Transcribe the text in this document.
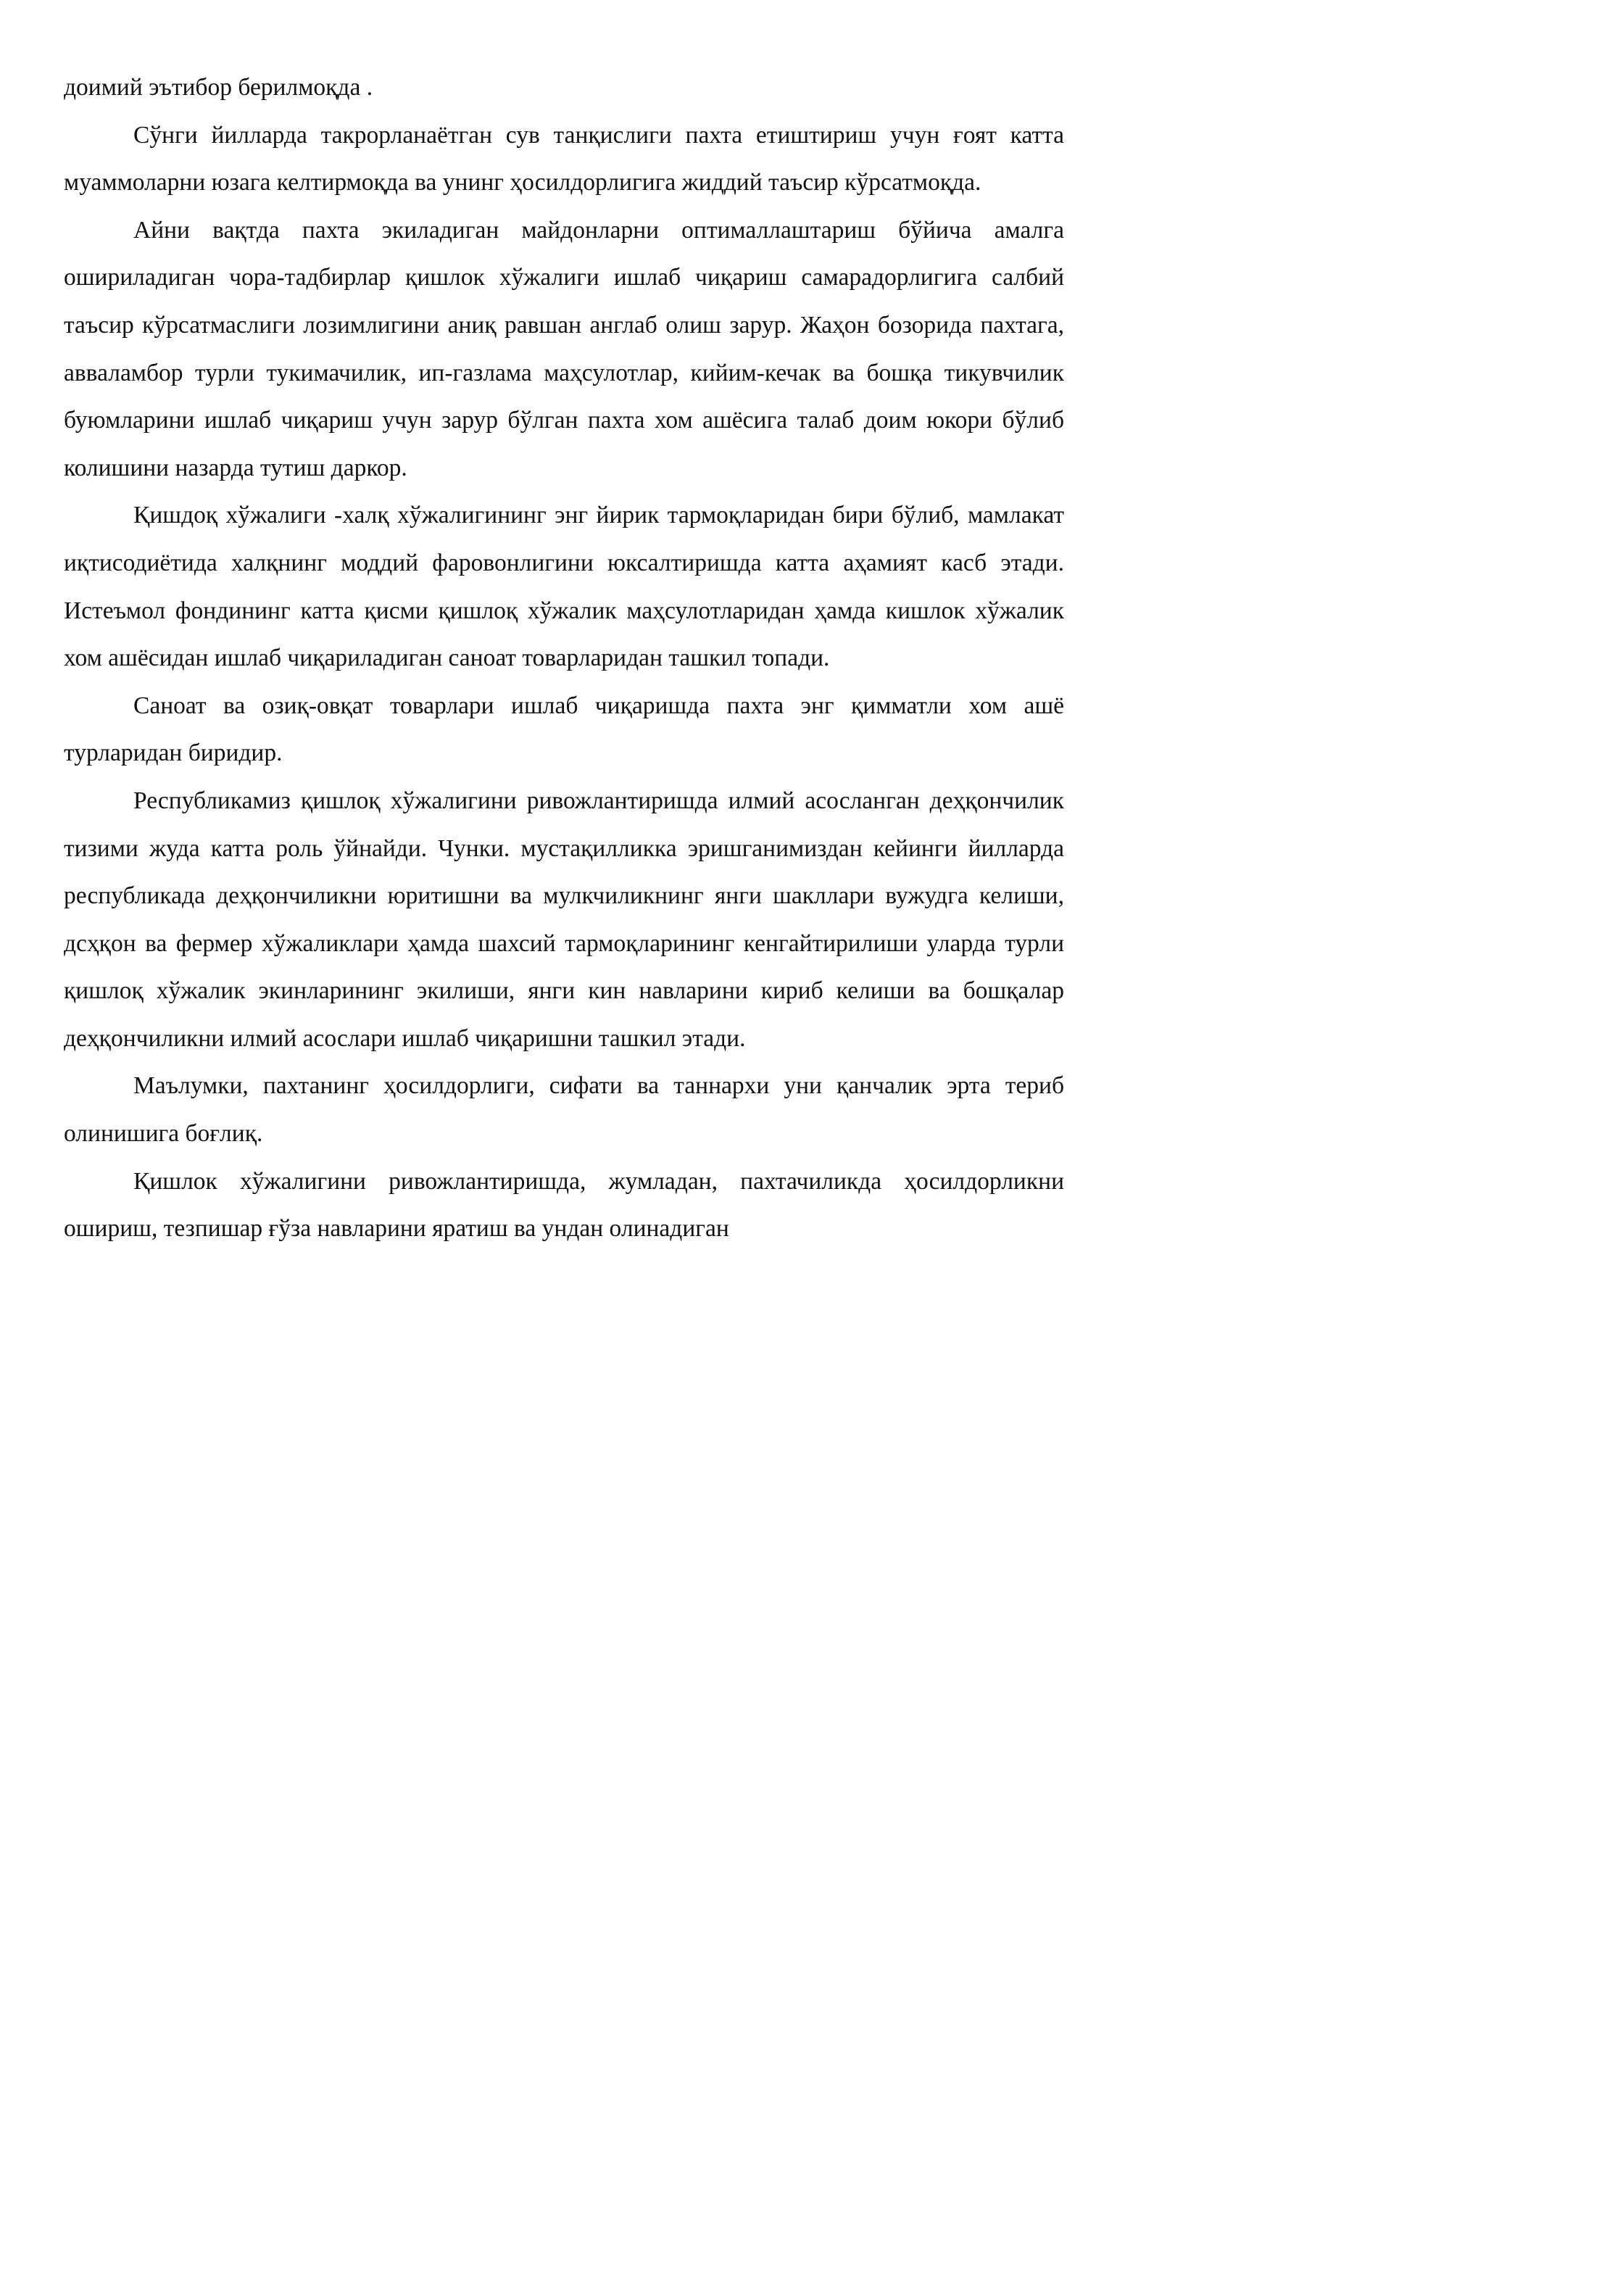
доимий эътибор берилмоқда .

Сўнги йилларда такрорланаётган сув танқислиги пахта етиштириш учун ғоят катта муаммоларни юзага келтирмоқда ва унинг ҳосилдорлигига жиддий таъсир кўрсатмоқда.

Айни вақтда пахта экиладиган майдонларни оптималлаштариш бўйича амалга ошириладиган чора-тадбирлар қишлок хўжалиги ишлаб чиқариш самарадорлигига салбий таъсир кўрсатмаслиги лозимлигини аниқ равшан англаб олиш зарур. Жаҳон бозорида пахтага, авваламбор турли тукимачилик, ип-газлама маҳсулотлар, кийим-кечак ва бошқа тикувчилик буюмларини ишлаб чиқариш учун зарур бўлган пахта хом ашёсига талаб доим юкори бўлиб колишини назарда тутиш даркор.

Қишдоқ хўжалиги -халқ хўжалигининг энг йирик тармоқларидан бири бўлиб, мамлакат иқтисодиётида халқнинг моддий фаровонлигини юксалтиришда катта аҳамият касб этади. Истеъмол фондининг катта қисми қишлоқ хўжалик маҳсулотларидан ҳамда кишлок хўжалик хом ашёсидан ишлаб чиқариладиган саноат товарларидан ташкил топади.

Саноат ва озиқ-овқат товарлари ишлаб чиқаришда пахта энг қимматли хом ашё турларидан биридир.

Республикамиз қишлоқ хўжалигини ривожлантиришда илмий асосланган деҳқончилик тизими жуда катта роль ўйнайди. Чунки. мустақилликка эришганимиздан кейинги йилларда республикада деҳқончиликни юритишни ва мулкчиликнинг янги шакллари вужудга келиши, дсҳқон ва фермер хўжаликлари ҳамда шахсий тармоқларининг кенгайтирилиши уларда турли қишлоқ хўжалик экинларининг экилиши, янги кин навларини кириб келиши ва бошқалар деҳқончиликни илмий асослари ишлаб чиқаришни ташкил этади.

Маълумки, пахтанинг ҳосилдорлиги, сифати ва таннархи уни қанчалик эрта териб олинишига боғлиқ.

Қишлок хўжалигини ривожлантиришда, жумладан, пахтачиликда ҳосилдорликни ошириш, тезпишар ғўза навларини яратиш ва ундан олинадиган
